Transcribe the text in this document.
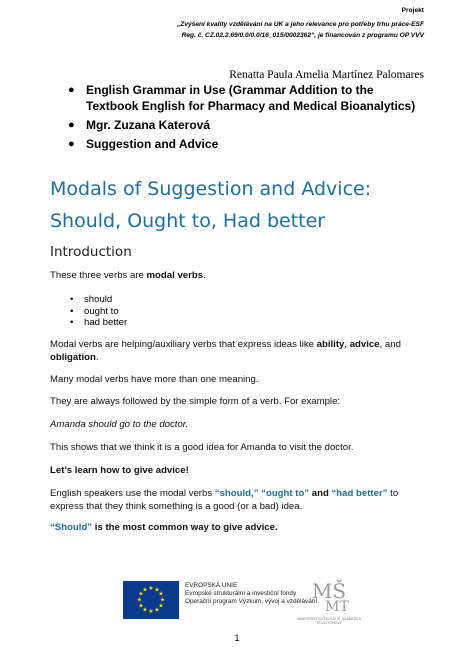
Projekt
„Zvýšení kvality vzdělávání na UK a jeho relevance pro potřeby trhu práce-ESF
Reg. č. CZ.02.2.69/0.0/0.0/16_015/0002362“, je financován z programu OP VVV
Renatta Paula Amelia Martínez Palomares
● English Grammar in Use (Grammar Addition to the Textbook English for Pharmacy and Medical Bioanalytics)
● Mgr. Zuzana Katerová
● Suggestion and Advice
Modals of Suggestion and Advice:
Should, Ought to, Had better
Introduction
These three verbs are modal verbs.
• should
• ought to
• had better
Modal verbs are helping/auxiliary verbs that express ideas like ability, advice, and
obligation.
Many modal verbs have more than one meaning.
They are always followed by the simple form of a verb. For example:
Amanda should go to the doctor.
This shows that we think it is a good idea for Amanda to visit the doctor.
Let’s learn how to give advice!
English speakers use the modal verbs “should,” “ought to” and “had better” to express that they think something is a good (or a bad) idea.
“Should” is the most common way to give advice.
★ ★
★
★
★
★
★
★
★
★
★
★
EVROPSKÁ UNIE
Evropské strukturální a investiční fondy
Operační program Výzkum, vývoj a vzdělávání
MŠ
MT
MINISTERSTVO ŠKOLSTVÍ, MLÁDEŽE A TĚLOVÝCHOVY
1
